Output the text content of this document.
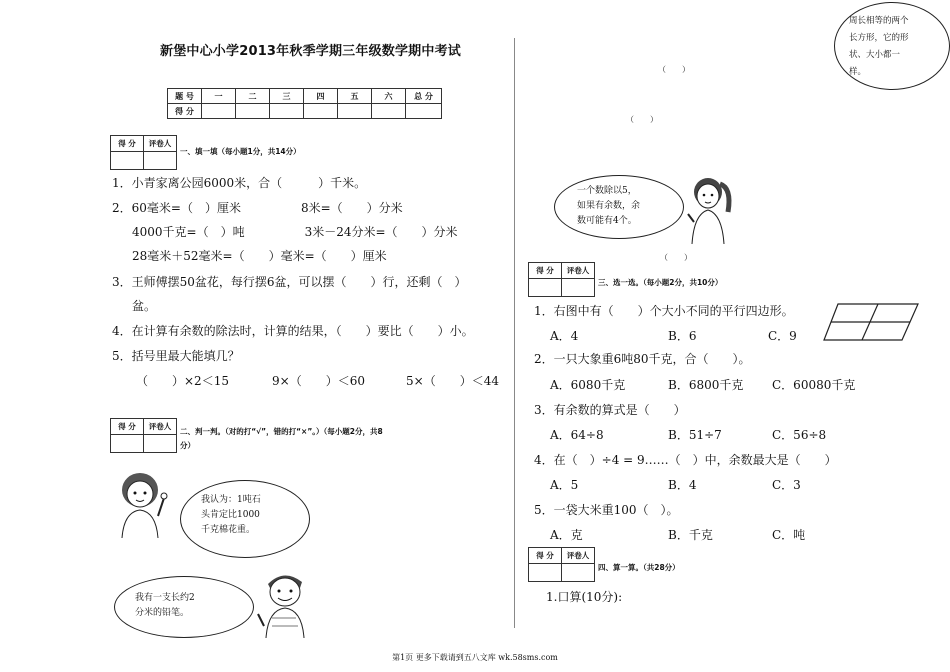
新堡中心小学2013年秋季学期三年级数学期中考试
题 号	一	二	三	四	五	六	总 分
得 分							
得 分	评卷人

一、填一填（每小题1分，共14分）
1．小青家离公园6000米，合（　　　）千米。
2．60毫米=（　）厘米　　　　　8米=（　　）分米
4000千克=（　）吨　　　　　3米－24分米=（　　）分米
28毫米＋52毫米=（　　）毫米=（　　）厘米
3．王师傅摆50盆花，每行摆6盆，可以摆（　　）行，还剩（　）
盆。
4．在计算有余数的除法时，计算的结果，（　　）要比（　　）小。
5．括号里最大能填几？
（　　）×2＜15	9×（　　）＜60	5×（　　）＜44
得 分	评卷人

二、判一判。（对的打“√”，错的打“×”。）（每小题2分，共8
分）
我认为：1吨石
头肯定比1000
千克棉花重。
我有一支长约2
分米的铅笔。
周长相等的两个
长方形，它的形
状、大小都一
样。
（　　）
（　　）
一个数除以5，
如果有余数，余
数可能有4个。
（　　）
得 分	评卷人

三、选一选。（每小题2分，共10分）
1．右图中有（　　）个大小不同的平行四边形。
A．4	B．6	C．9
2．一只大象重6吨80千克，合（　　）。
A．6080千克	B．6800千克 C．60080千克
3．有余数的算式是（　　）
A．64÷8	B．51÷7	C．56÷8
4．在（　）÷4 = 9……（　）中，余数最大是（　　）
A．5	B．4	C．3
5．一袋大米重100（　）。
A．克	B．千克	C．吨
得 分	评卷人

四、算一算。（共28分）
1.口算(10分):
第1页 更多下载请到五八文库 wk.58sms.com
